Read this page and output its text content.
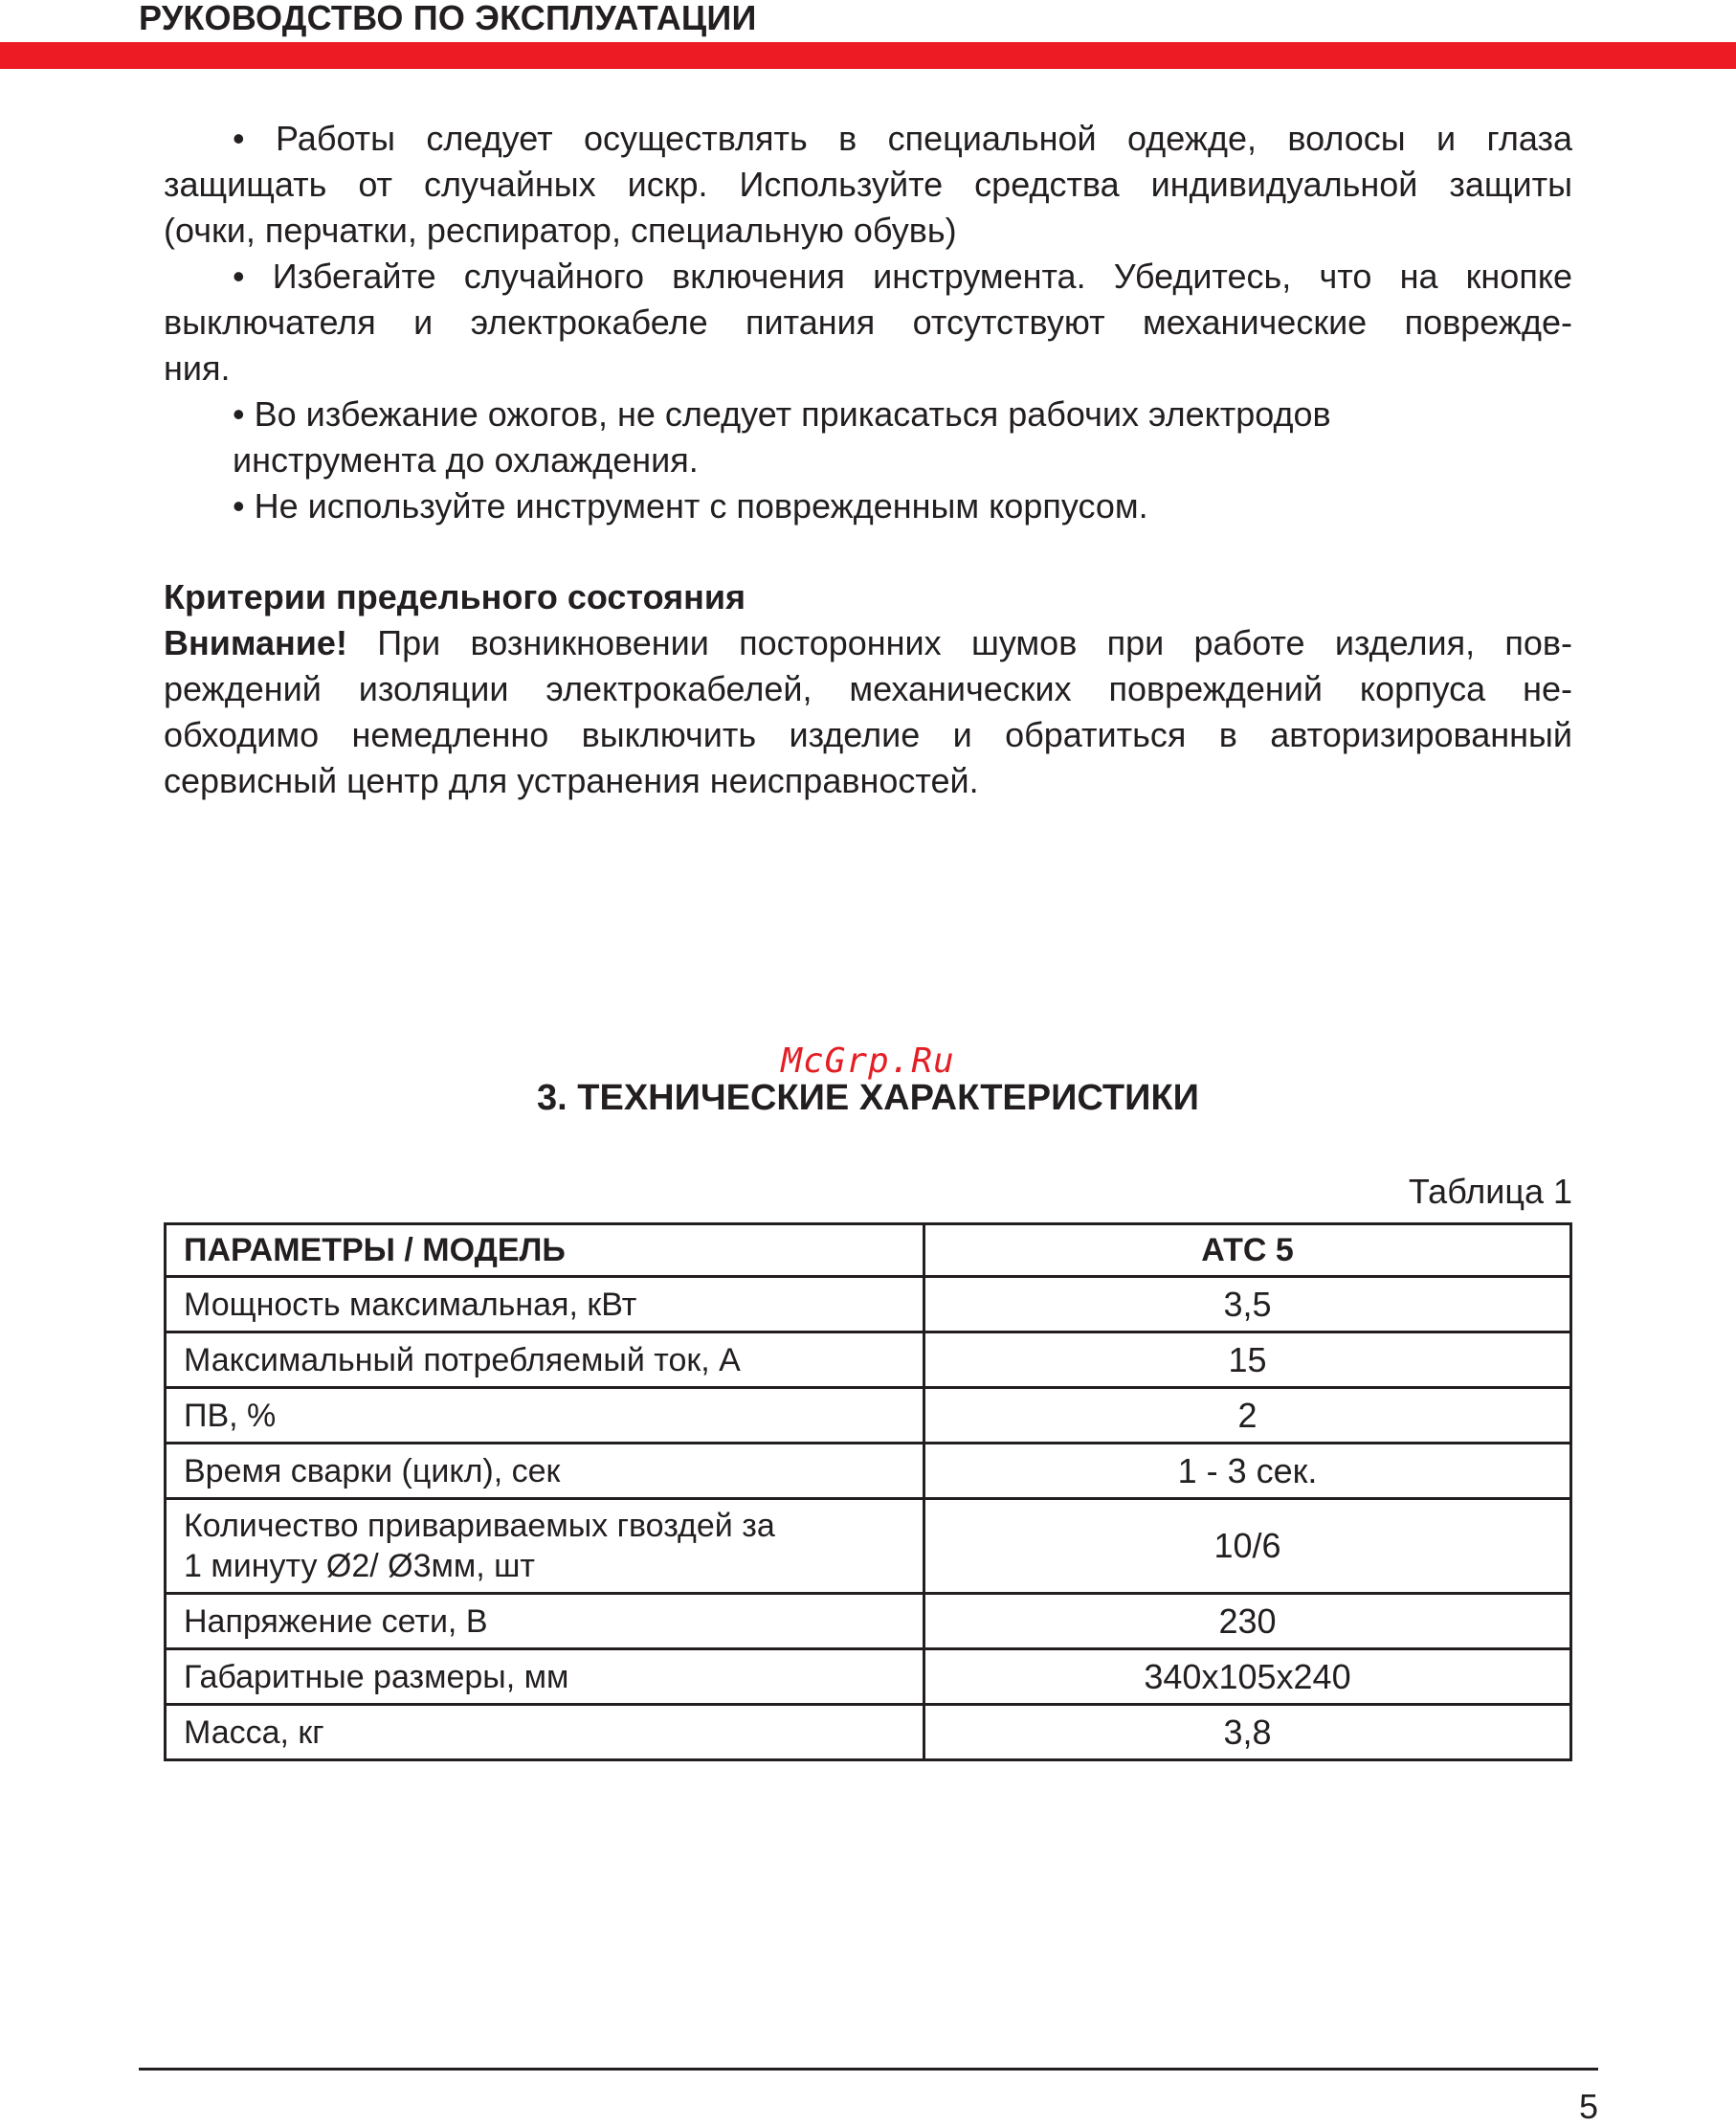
РУКОВОДСТВО ПО ЭКСПЛУАТАЦИИ

• Работы следует осуществлять в специальной одежде, волосы и глаза

защищать от случайных искр. Используйте средства индивидуальной защиты

(очки, перчатки, респиратор, специальную обувь)

• Избегайте случайного включения инструмента. Убедитесь, что на кнопке

выключателя и электрокабеле питания отсутствуют механические поврежде-

ния.

• Во избежание ожогов, не следует прикасаться рабочих электродов

инструмента до охлаждения.

• Не используйте инструмент с поврежденным корпусом.

Критерии предельного состояния

Внимание! При возникновении посторонних шумов при работе изделия, пов-

реждений изоляции электрокабелей, механических повреждений корпуса не-

обходимо немедленно выключить изделие и обратиться в авторизированный

сервисный центр для устранения неисправностей.

McGrp.Ru
3. ТЕХНИЧЕСКИЕ ХАРАКТЕРИСТИКИ
Таблица 1
ПАРАМЕТРЫ / МОДЕЛЬ	АТС 5
Мощность максимальная, кВт	3,5
Максимальный потребляемый ток, А	15
ПВ, %	2
Время сварки (цикл), сек	1 - 3 сек.

Количество привариваемых гвоздей за
1 минуту Ø2/ Ø3мм, шт	10/6
Напряжение сети, В	230
Габаритные размеры, мм	340x105x240
Масса, кг	3,8
5
